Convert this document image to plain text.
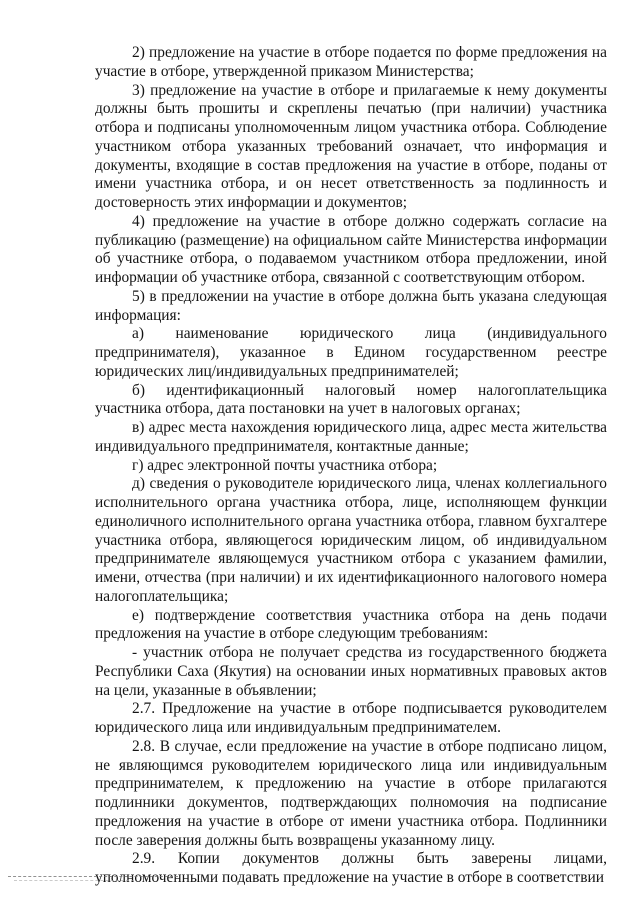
2) предложение на участие в отборе подается по форме предложения на участие в отборе, утвержденной приказом Министерства;

3) предложение на участие в отборе и прилагаемые к нему документы должны быть прошиты и скреплены печатью (при наличии) участника отбора и подписаны уполномоченным лицом участника отбора. Соблюдение участником отбора указанных требований означает, что информация и документы, входящие в состав предложения на участие в отборе, поданы от имени участника отбора, и он несет ответственность за подлинность и достоверность этих информации и документов;

4) предложение на участие в отборе должно содержать согласие на публикацию (размещение) на официальном сайте Министерства информации об участнике отбора, о подаваемом участником отбора предложении, иной информации об участнике отбора, связанной с соответствующим отбором.

5) в предложении на участие в отборе должна быть указана следующая информация:

а) наименование юридического лица (индивидуального предпринимателя), указанное в Едином государственном реестре юридических лиц/индивидуальных предпринимателей;

б) идентификационный налоговый номер налогоплательщика участника отбора, дата постановки на учет в налоговых органах;

в) адрес места нахождения юридического лица, адрес места жительства индивидуального предпринимателя, контактные данные;

г) адрес электронной почты участника отбора;

д) сведения о руководителе юридического лица, членах коллегиального исполнительного органа участника отбора, лице, исполняющем функции единоличного исполнительного органа участника отбора, главном бухгалтере участника отбора, являющегося юридическим лицом, об индивидуальном предпринимателе являющемуся участником отбора с указанием фамилии, имени, отчества (при наличии) и их идентификационного налогового номера налогоплательщика;

е) подтверждение соответствия участника отбора на день подачи предложения на участие в отборе следующим требованиям:

- участник отбора не получает средства из государственного бюджета Республики Саха (Якутия) на основании иных нормативных правовых актов на цели, указанные в объявлении;

2.7. Предложение на участие в отборе подписывается руководителем юридического лица или индивидуальным предпринимателем.

2.8. В случае, если предложение на участие в отборе подписано лицом, не являющимся руководителем юридического лица или индивидуальным предпринимателем, к предложению на участие в отборе прилагаются подлинники документов, подтверждающих полномочия на подписание предложения на участие в отборе от имени участника отбора. Подлинники после заверения должны быть возвращены указанному лицу.

2.9. Копии документов должны быть заверены лицами, уполномоченными подавать предложение на участие в отборе в соответствии
